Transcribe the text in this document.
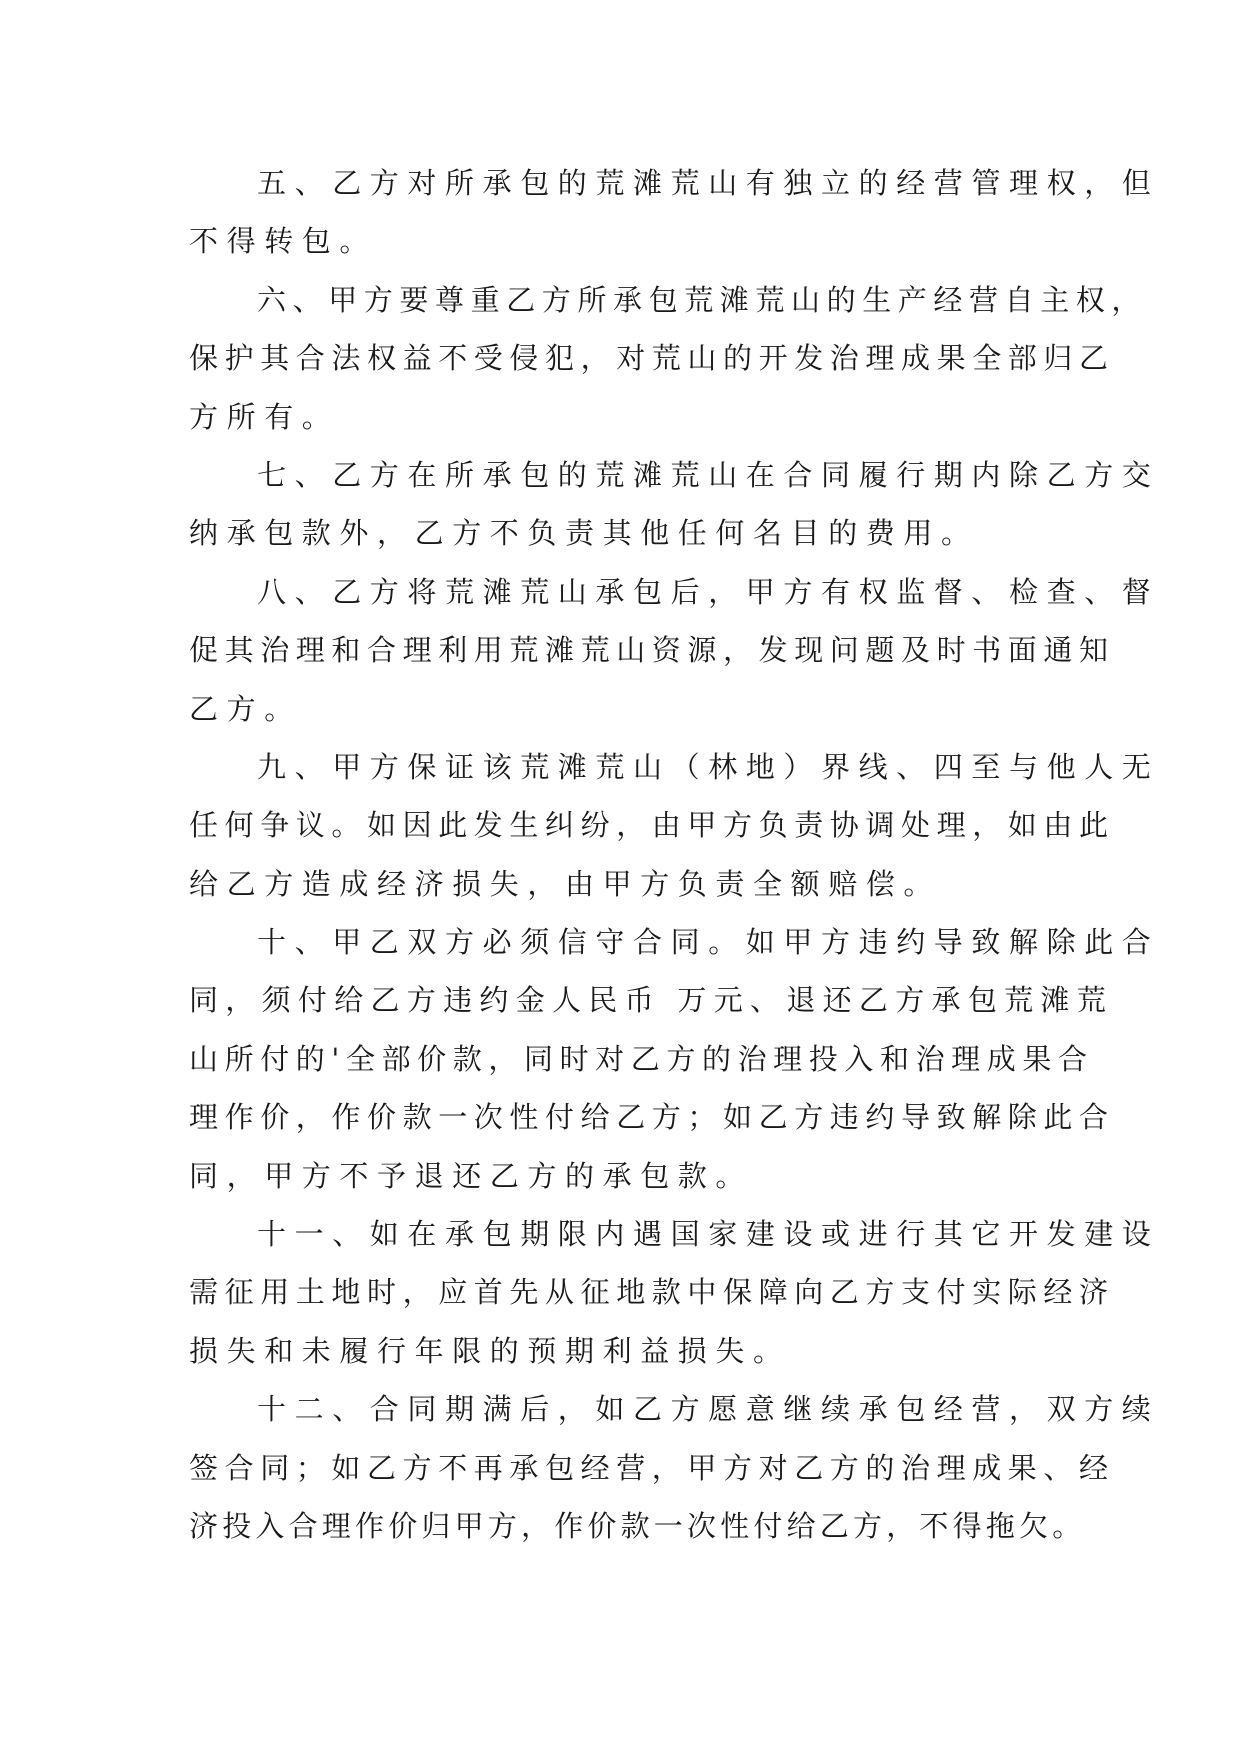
五、乙方对所承包的荒滩荒山有独立的经营管理权，但
不得转包。
六、甲方要尊重乙方所承包荒滩荒山的生产经营自主权，
保护其合法权益不受侵犯，对荒山的开发治理成果全部归乙
方所有。
七、乙方在所承包的荒滩荒山在合同履行期内除乙方交
纳承包款外，乙方不负责其他任何名目的费用。
八、乙方将荒滩荒山承包后，甲方有权监督、检查、督
促其治理和合理利用荒滩荒山资源，发现问题及时书面通知
乙方。
九、甲方保证该荒滩荒山（林地）界线、四至与他人无
任何争议。如因此发生纠纷，由甲方负责协调处理，如由此
给乙方造成经济损失，由甲方负责全额赔偿。
十、甲乙双方必须信守合同。如甲方违约导致解除此合
同，须付给乙方违约金人民币 万元、退还乙方承包荒滩荒
山所付的'全部价款，同时对乙方的治理投入和治理成果合
理作价，作价款一次性付给乙方；如乙方违约导致解除此合
同，甲方不予退还乙方的承包款。
十一、如在承包期限内遇国家建设或进行其它开发建设
需征用土地时，应首先从征地款中保障向乙方支付实际经济
损失和未履行年限的预期利益损失。
十二、合同期满后，如乙方愿意继续承包经营，双方续
签合同；如乙方不再承包经营，甲方对乙方的治理成果、经
济投入合理作价归甲方，作价款一次性付给乙方，不得拖欠。
